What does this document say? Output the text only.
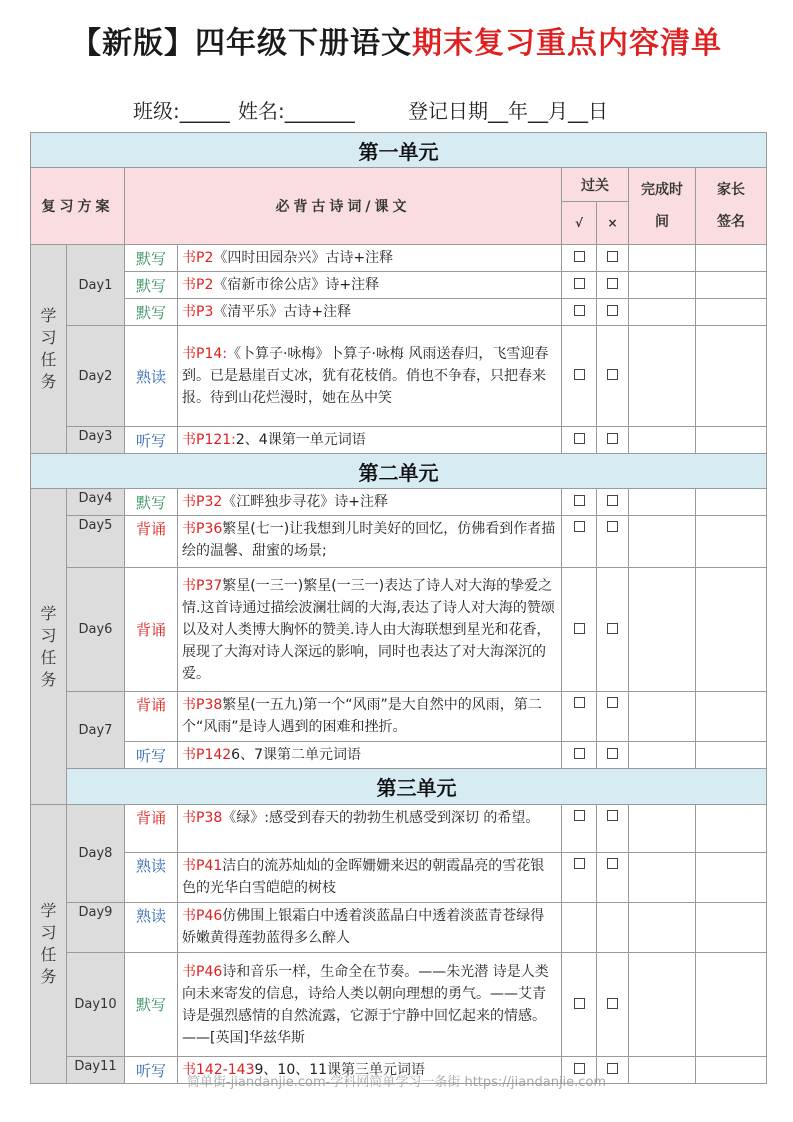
【新版】四年级下册语文期末复习重点内容清单
班级:_____ 姓名:_______	登记日期__年__月__日
第一单元							
复习方案		必背古诗词/课文		过关		完成时间	家长签名
				√	×		
学习任务	Day1	默写	书P2《四时田园杂兴》古诗+注释				
		默写	书P2《宿新市徐公店》诗+注释				
		默写	书P3《清平乐》古诗+注释				
	Day2	熟读	书P14:《卜算子·咏梅》卜算子·咏梅 风雨送春归，飞雪迎春到。已是悬崖百丈冰，犹有花枝俏。俏也不争春，只把春来报。待到山花烂漫时，她在丛中笑				
	Day3	听写	书P121:2、4课第一单元词语				
第二单元							
学习任务	Day4	默写	书P32《江畔独步寻花》诗+注释				
	Day5	背诵	书P36繁星(七一)让我想到儿时美好的回忆，仿佛看到作者描绘的温馨、甜蜜的场景;				
	Day6	背诵	书P37繁星(一三一)繁星(一三一)表达了诗人对大海的挚爱之情.这首诗通过描绘波澜壮阔的大海,表达了诗人对大海的赞颂以及对人类博大胸怀的赞美.诗人由大海联想到星光和花香，展现了大海对诗人深远的影响，同时也表达了对大海深沉的爱。				
	Day7	背诵	书P38繁星(一五九)第一个“风雨”是大自然中的风雨，第二个“风雨”是诗人遇到的困难和挫折。				
		听写	书P1426、7课第二单元词语				
	第三单元						
学习任务	Day8	背诵	书P38《绿》:感受到春天的勃勃生机感受到深切 的希望。				
		熟读	书P41洁白的流苏灿灿的金晖姗姗来迟的朝霞晶亮的雪花银色的光华白雪皑皑的树枝				
	Day9	熟读	书P46仿佛围上银霜白中透着淡蓝晶白中透着淡蓝青苍绿得娇嫩黄得莲勃蓝得多么醉人				
	Day10	默写	书P46诗和音乐一样，生命全在节奏。——朱光潜 诗是人类向未来寄发的信息，诗给人类以朝向理想的勇气。——艾青 诗是强烈感情的自然流露，它源于宁静中回忆起来的情感。——[英国]华兹华斯				
	Day11	听写	书142-1439、10、11课第三单元词语				
简单街-jiandanjie.com-学科网简单学习一条街 https://jiandanjie.com
